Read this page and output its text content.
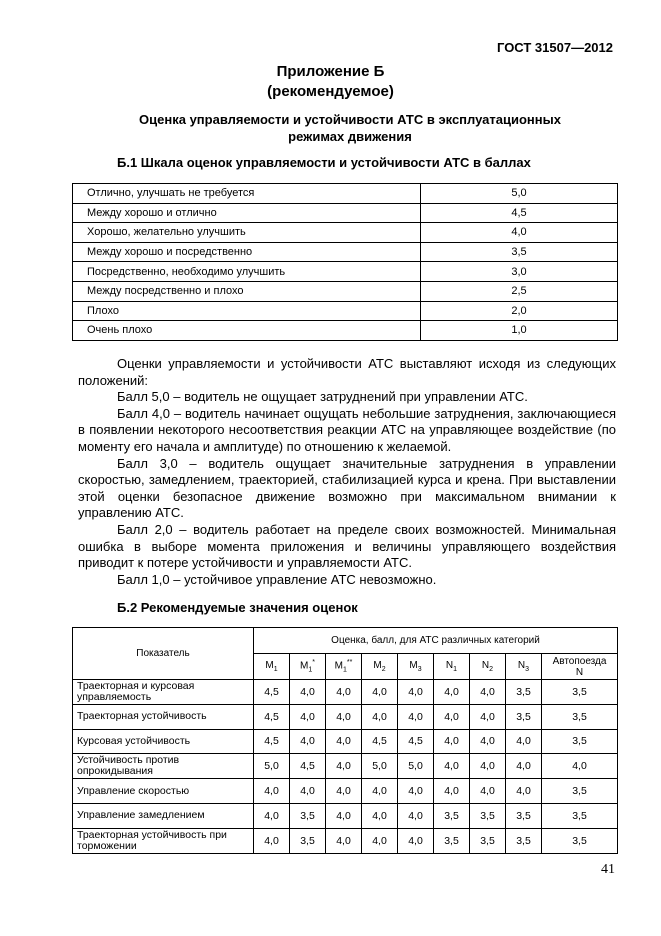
ГОСТ 31507—2012
Приложение Б
(рекомендуемое)
Оценка управляемости и устойчивости АТС в эксплуатационных
режимах движения
Б.1 Шкала оценок управляемости и устойчивости АТС в баллах
Отлично, улучшать не требуется	5,0
Между хорошо и отлично	4,5
Хорошо, желательно улучшить	4,0
Между хорошо и посредственно	3,5
Посредственно, необходимо улучшить	3,0
Между посредственно и плохо	2,5
Плохо	2,0
Очень плохо	1,0

Оценки управляемости и устойчивости АТС выставляют исходя из следующих положений:

Балл 5,0 – водитель не ощущает затруднений при управлении АТС.

Балл 4,0 – водитель начинает ощущать небольшие затруднения, заключающиеся в появлении некоторого несоответствия реакции АТС на управляющее воздействие (по моменту его начала и амплитуде) по отношению к желаемой.

Балл 3,0 – водитель ощущает значительные затруднения в управлении скоростью, замедлением, траекторией, стабилизацией курса и крена. При выставлении этой оценки безопасное движение возможно при максимальном внимании к управлению АТС.

Балл 2,0 – водитель работает на пределе своих возможностей. Минимальная ошибка в выборе момента приложения и величины управляющего воздействия приводит к потере устойчивости и управляемости АТС.

Балл 1,0 – устойчивое управление АТС невозможно.

Б.2 Рекомендуемые значения оценок
Показатель	Оценка, балл, для АТС различных категорий								
	$M_1$	$M_1^*$	$M_1^{**}$	$M_2$	$M_3$	$N_1$	$N_2$	$N_3$	Автопоезда
N

Траекторная и курсовая управляемость	4,5	4,0	4,0	4,0	4,0	4,0	4,0	3,5	3,5
Траекторная устойчивость	4,5	4,0	4,0	4,0	4,0	4,0	4,0	3,5	3,5
Курсовая устойчивость	4,5	4,0	4,0	4,5	4,5	4,0	4,0	4,0	3,5
Устойчивость против опрокидывания	5,0	4,5	4,0	5,0	5,0	4,0	4,0	4,0	4,0
Управление скоростью	4,0	4,0	4,0	4,0	4,0	4,0	4,0	4,0	3,5
Управление замедлением	4,0	3,5	4,0	4,0	4,0	3,5	3,5	3,5	3,5
Траекторная устойчивость при торможении	4,0	3,5	4,0	4,0	4,0	3,5	3,5	3,5	3,5
41
